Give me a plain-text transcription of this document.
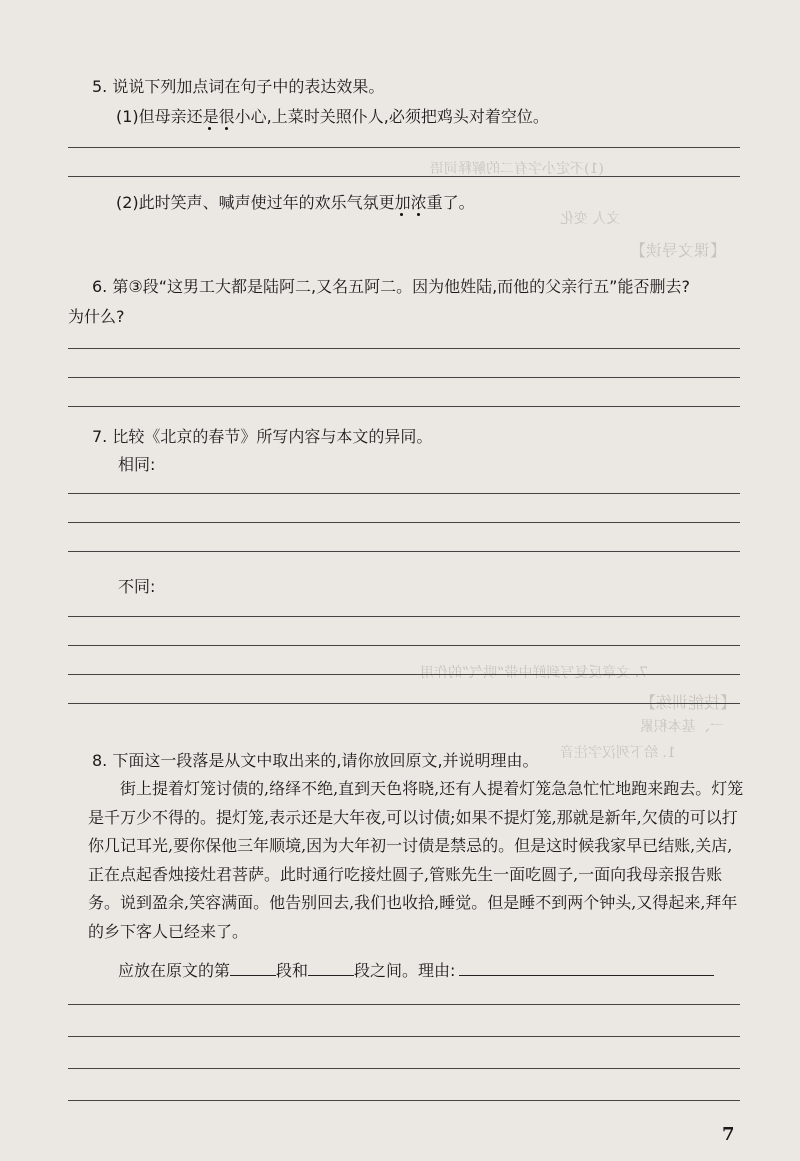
(1)不定小字有二的解释词语
文人 变化
【课文导读】
7. 文章反复写到鲜中带“哄气”的作用
【技能训练】
一、基本积累
1. 给下列汉字注音
5. 说说下列加点词在句子中的表达效果。
(1)但母亲还是很小心,上菜时关照仆人,必须把鸡头对着空位。
(2)此时笑声、喊声使过年的欢乐气氛更加浓重了。
6. 第③段“这男工大都是陆阿二,又名五阿二。因为他姓陆,而他的父亲行五”能否删去?
为什么?
7. 比较《北京的春节》所写内容与本文的异同。
相同:
不同:
8. 下面这一段落是从文中取出来的,请你放回原文,并说明理由。
街上提着灯笼讨债的,络绎不绝,直到天色将晓,还有人提着灯笼急急忙忙地跑来跑去。灯笼是千万少不得的。提灯笼,表示还是大年夜,可以讨债;如果不提灯笼,那就是新年,欠债的可以打你几记耳光,要你保他三年顺境,因为大年初一讨债是禁忌的。但是这时候我家早已结账,关店,正在点起香烛接灶君菩萨。此时通行吃接灶圆子,管账先生一面吃圆子,一面向我母亲报告账务。说到盈余,笑容满面。他告别回去,我们也收拾,睡觉。但是睡不到两个钟头,又得起来,拜年的乡下客人已经来了。
应放在原文的第	段和	段之间。理由:
7
